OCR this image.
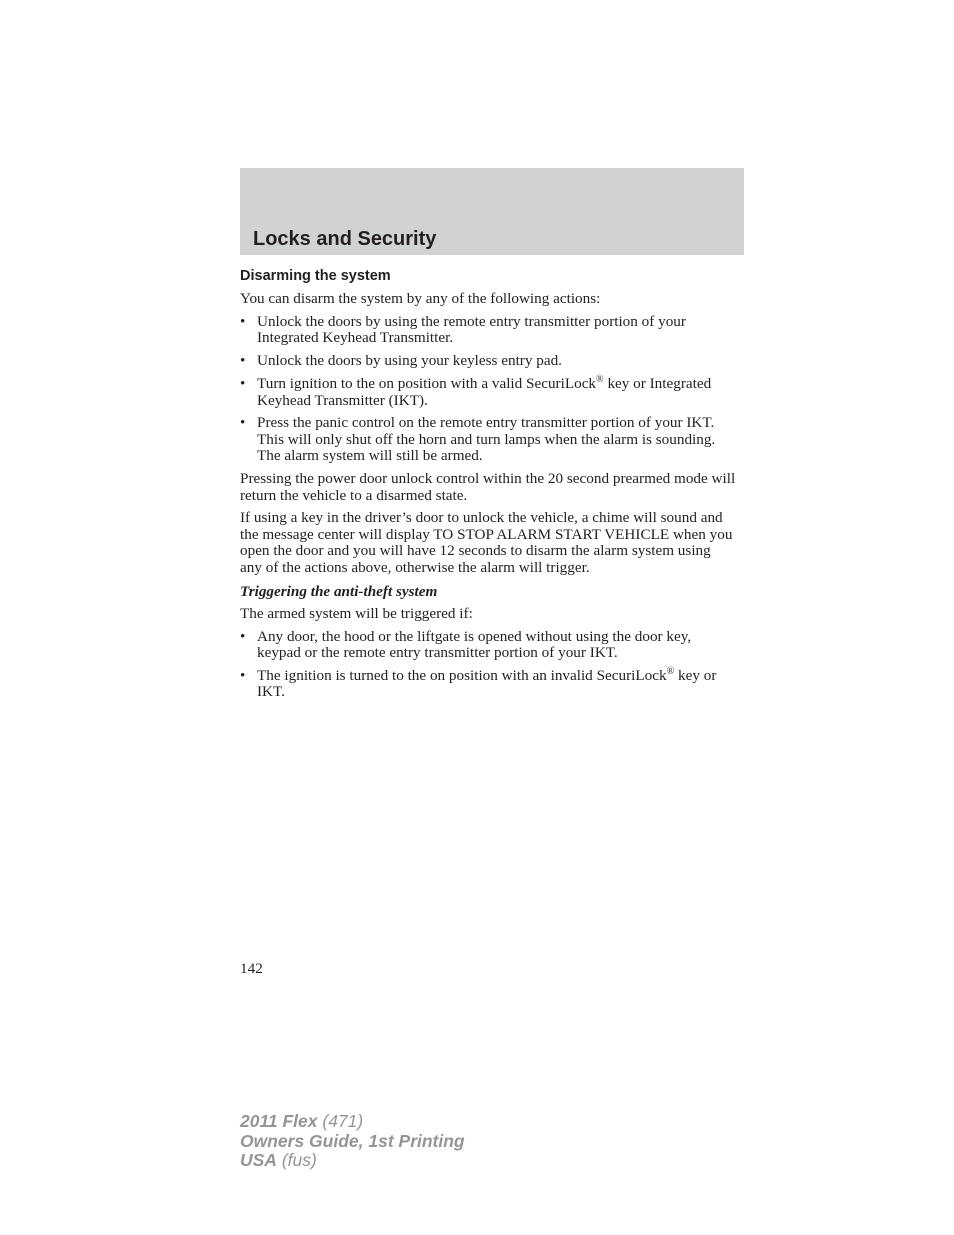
Locks and Security
Disarming the system

You can disarm the system by any of the following actions:

• Unlock the doors by using the remote entry transmitter portion of your Integrated Keyhead Transmitter.
• Unlock the doors by using your keyless entry pad.
• Turn ignition to the on position with a valid SecuriLock® key or Integrated Keyhead Transmitter (IKT).
• Press the panic control on the remote entry transmitter portion of your IKT. This will only shut off the horn and turn lamps when the alarm is sounding. The alarm system will still be armed.

Pressing the power door unlock control within the 20 second prearmed mode will return the vehicle to a disarmed state.

If using a key in the driver’s door to unlock the vehicle, a chime will sound and the message center will display TO STOP ALARM START VEHICLE when you open the door and you will have 12 seconds to disarm the alarm system using any of the actions above, otherwise the alarm will trigger.

Triggering the anti-theft system

The armed system will be triggered if:

• Any door, the hood or the liftgate is opened without using the door key, keypad or the remote entry transmitter portion of your IKT.
• The ignition is turned to the on position with an invalid SecuriLock® key or IKT.
142
2011 Flex (471)
Owners Guide, 1st Printing
USA (fus)
